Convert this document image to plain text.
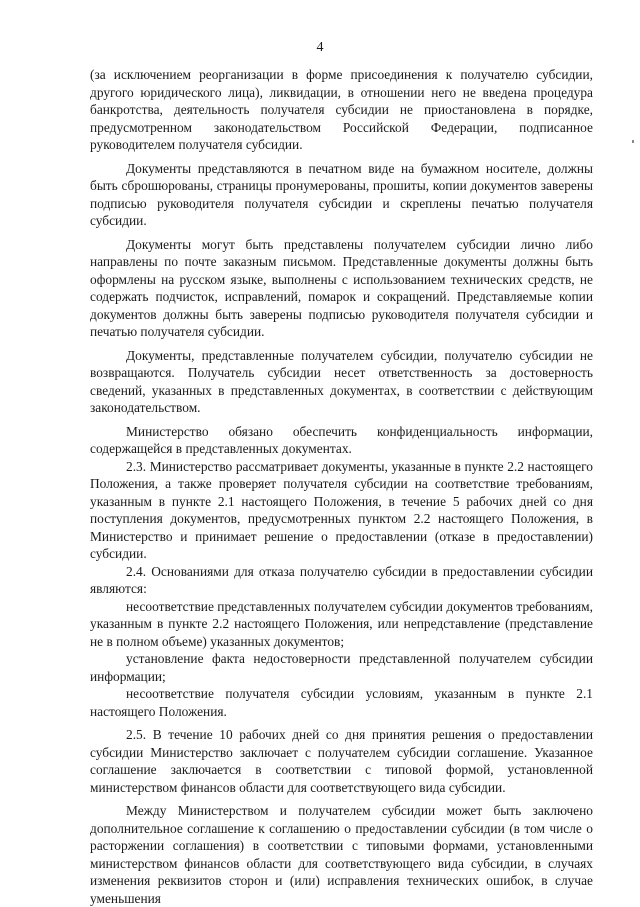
4

(за исключением реорганизации в форме присоединения к получателю субсидии, другого юридического лица), ликвидации, в отношении него не введена процедура банкротства, деятельность получателя субсидии не приостановлена в порядке, предусмотренном законодательством Российской Федерации, подписанное руководителем получателя субсидии.

Документы представляются в печатном виде на бумажном носителе, должны быть сброшюрованы, страницы пронумерованы, прошиты, копии документов заверены подписью руководителя получателя субсидии и скреплены печатью получателя субсидии.

Документы могут быть представлены получателем субсидии лично либо направлены по почте заказным письмом. Представленные документы должны быть оформлены на русском языке, выполнены с использованием технических средств, не содержать подчисток, исправлений, помарок и сокращений. Представляемые копии документов должны быть заверены подписью руководителя получателя субсидии и печатью получателя субсидии.

Документы, представленные получателем субсидии, получателю субсидии не возвращаются. Получатель субсидии несет ответственность за достоверность сведений, указанных в представленных документах, в соответствии с действующим законодательством.

Министерство обязано обеспечить конфиденциальность информации, содержащейся в представленных документах.

2.3. Министерство рассматривает документы, указанные в пункте 2.2 настоящего Положения, а также проверяет получателя субсидии на соответствие требованиям, указанным в пункте 2.1 настоящего Положения, в течение 5 рабочих дней со дня поступления документов, предусмотренных пунктом 2.2 настоящего Положения, в Министерство и принимает решение о предоставлении (отказе в предоставлении) субсидии.

2.4. Основаниями для отказа получателю субсидии в предоставлении субсидии являются:

несоответствие представленных получателем субсидии документов требованиям, указанным в пункте 2.2 настоящего Положения, или непредставление (представление не в полном объеме) указанных документов;

установление факта недостоверности представленной получателем субсидии информации;

несоответствие получателя субсидии условиям, указанным в пункте 2.1 настоящего Положения.

2.5. В течение 10 рабочих дней со дня принятия решения о предоставлении субсидии Министерство заключает с получателем субсидии соглашение. Указанное соглашение заключается в соответствии с типовой формой, установленной министерством финансов области для соответствующего вида субсидии.

Между Министерством и получателем субсидии может быть заключено дополнительное соглашение к соглашению о предоставлении субсидии (в том числе о расторжении соглашения) в соответствии с типовыми формами, установленными министерством финансов области для соответствующего вида субсидии, в случаях изменения реквизитов сторон и (или) исправления технических ошибок, в случае уменьшения
